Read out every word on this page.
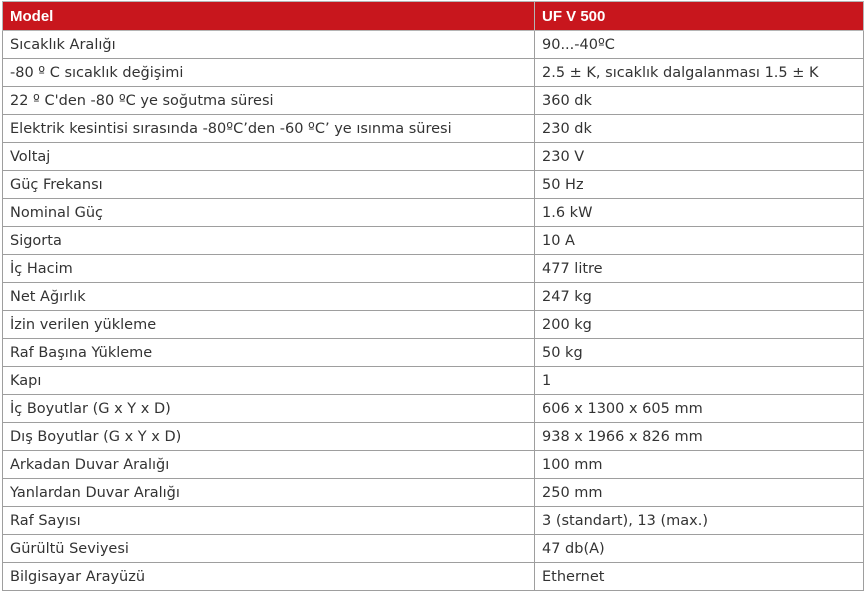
Model	UF V 500
Sıcaklık Aralığı	90...-40ºC
-80 º C sıcaklık değişimi	2.5 ± K, sıcaklık dalgalanması 1.5 ± K
22 º C'den -80 ºC ye soğutma süresi	360 dk
Elektrik kesintisi sırasında -80ºC’den -60 ºC’ ye ısınma süresi	230 dk
Voltaj	230 V
Güç Frekansı	50 Hz
Nominal Güç	1.6 kW
Sigorta	10 A
İç Hacim	477 litre
Net Ağırlık	247 kg
İzin verilen yükleme	200 kg
Raf Başına Yükleme	50 kg
Kapı	1
İç Boyutlar (G x Y x D)	606 x 1300 x 605 mm
Dış Boyutlar (G x Y x D)	938 x 1966 x 826 mm
Arkadan Duvar Aralığı	100 mm
Yanlardan Duvar Aralığı	250 mm
Raf Sayısı	3 (standart), 13 (max.)
Gürültü Seviyesi	47 db(A)
Bilgisayar Arayüzü	Ethernet
